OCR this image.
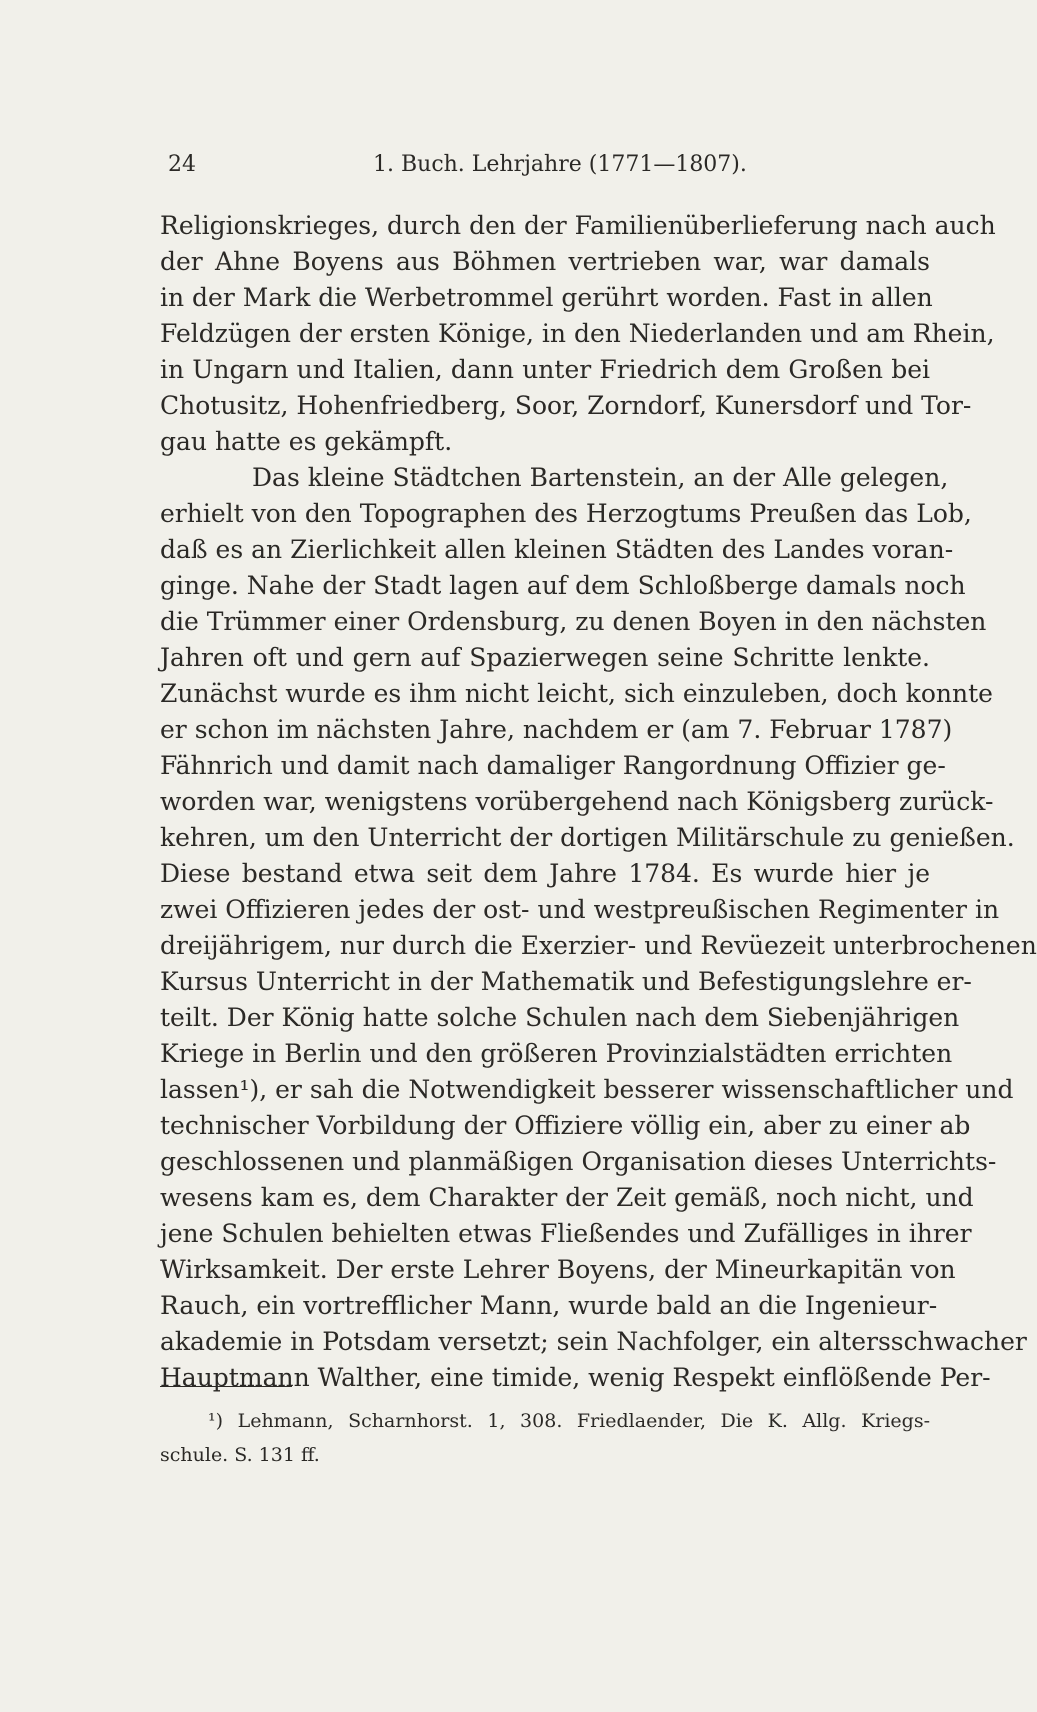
24	1. Buch. Lehrjahre (1771—1807).
Religionskrieges, durch den der Familienüberlieferung nach auch
der Ahne Boyens aus Böhmen vertrieben war, war damals
in der Mark die Werbetrommel gerührt worden. Fast in allen
Feldzügen der ersten Könige, in den Niederlanden und am Rhein,
in Ungarn und Italien, dann unter Friedrich dem Großen bei
Chotusitz, Hohenfriedberg, Soor, Zorndorf, Kunersdorf und Tor-
gau hatte es gekämpft.
Das kleine Städtchen Bartenstein, an der Alle gelegen,
erhielt von den Topographen des Herzogtums Preußen das Lob,
daß es an Zierlichkeit allen kleinen Städten des Landes voran-
ginge. Nahe der Stadt lagen auf dem Schloßberge damals noch
die Trümmer einer Ordensburg, zu denen Boyen in den nächsten
Jahren oft und gern auf Spazierwegen seine Schritte lenkte.
Zunächst wurde es ihm nicht leicht, sich einzuleben, doch konnte
er schon im nächsten Jahre, nachdem er (am 7. Februar 1787)
Fähnrich und damit nach damaliger Rangordnung Offizier ge-
worden war, wenigstens vorübergehend nach Königsberg zurück-
kehren, um den Unterricht der dortigen Militärschule zu genießen.
Diese bestand etwa seit dem Jahre 1784. Es wurde hier je
zwei Offizieren jedes der ost- und westpreußischen Regimenter in
dreijährigem, nur durch die Exerzier- und Revüezeit unterbrochenen
Kursus Unterricht in der Mathematik und Befestigungslehre er-
teilt. Der König hatte solche Schulen nach dem Siebenjährigen
Kriege in Berlin und den größeren Provinzialstädten errichten
lassen¹), er sah die Notwendigkeit besserer wissenschaftlicher und
technischer Vorbildung der Offiziere völlig ein, aber zu einer ab
geschlossenen und planmäßigen Organisation dieses Unterrichts-
wesens kam es, dem Charakter der Zeit gemäß, noch nicht, und
jene Schulen behielten etwas Fließendes und Zufälliges in ihrer
Wirksamkeit. Der erste Lehrer Boyens, der Mineurkapitän von
Rauch, ein vortrefflicher Mann, wurde bald an die Ingenieur-
akademie in Potsdam versetzt; sein Nachfolger, ein altersschwacher
Hauptmann Walther, eine timide, wenig Respekt einflößende Per-
¹) Lehmann, Scharnhorst. 1, 308. Friedlaender, Die K. Allg. Kriegs-
schule. S. 131 ff.
